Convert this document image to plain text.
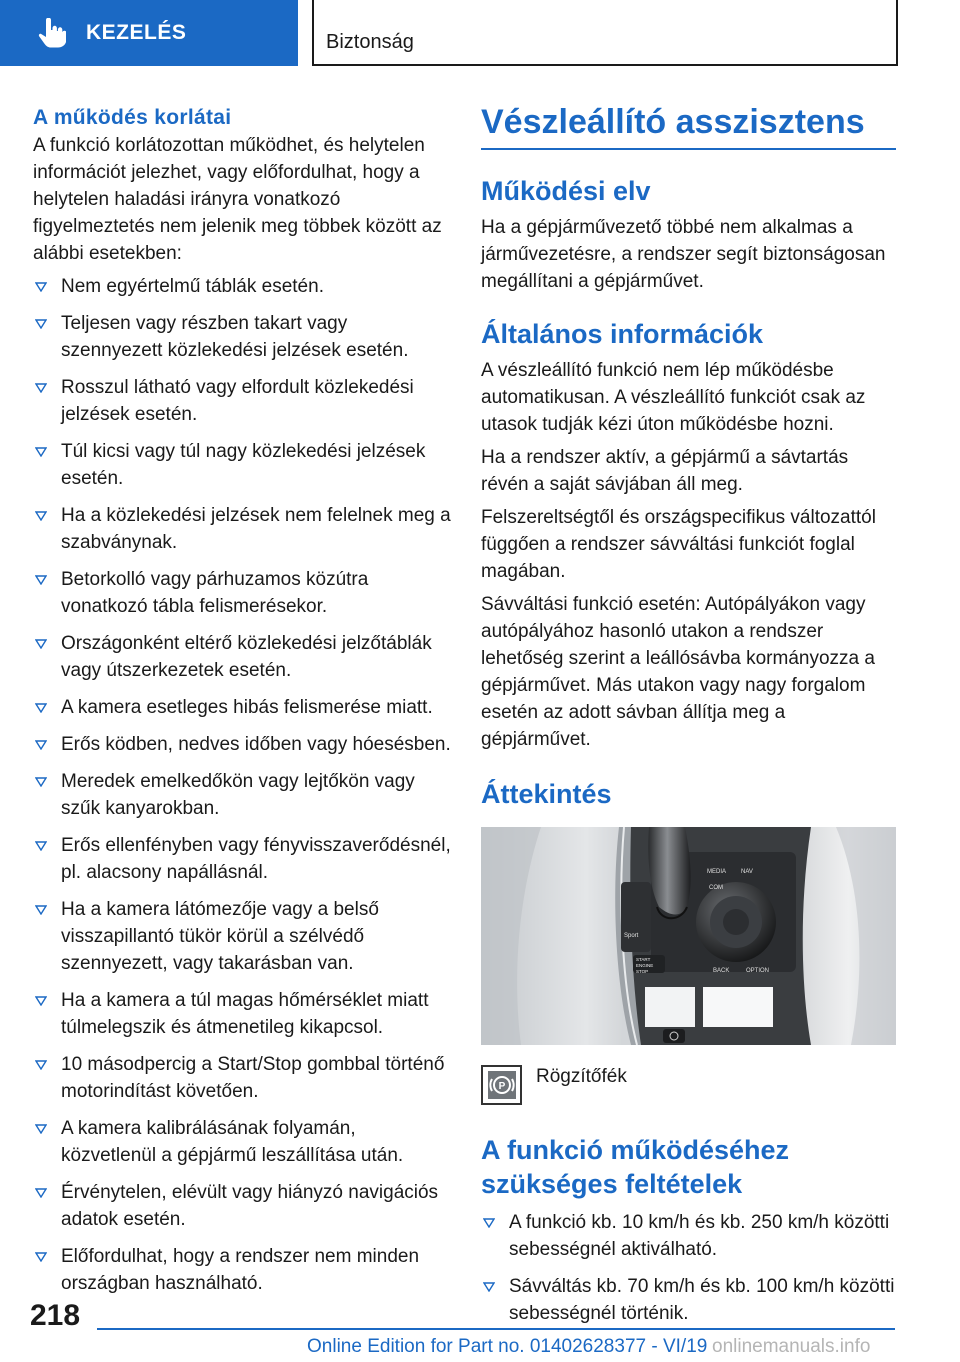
KEZELÉS	Biztonság
A működés korlátai

A funkció korlátozottan működhet, és helytelen információt jelezhet, vagy előfordulhat, hogy a helytelen haladási irányra vonatkozó figyelmeztetés nem jelenik meg többek között az alábbi esetekben:

Nem egyértelmű táblák esetén.
Teljesen vagy részben takart vagy szennyezett közlekedési jelzések esetén.
Rosszul látható vagy elfordult közlekedési jelzések esetén.
Túl kicsi vagy túl nagy közlekedési jelzések esetén.
Ha a közlekedési jelzések nem felelnek meg a szabványnak.
Betorkolló vagy párhuzamos közútra vonatkozó tábla felismerésekor.
Országonként eltérő közlekedési jelzőtáblák vagy útszerkezetek esetén.
A kamera esetleges hibás felismerése miatt.
Erős ködben, nedves időben vagy hóesésben.
Meredek emelkedőkön vagy lejtőkön vagy szűk kanyarokban.
Erős ellenfényben vagy fényvisszaverődésnél, pl. alacsony napállásnál.
Ha a kamera látómezője vagy a belső visszapillantó tükör körül a szélvédő szennyezett, vagy takarásban van.
Ha a kamera a túl magas hőmérséklet miatt túlmelegszik és átmenetileg kikapcsol.
10 másodpercig a Start/Stop gombbal történő motorindítást követően.
A kamera kalibrálásának folyamán, közvetlenül a gépjármű leszállítása után.
Érvénytelen, elévült vagy hiányzó navigációs adatok esetén.
Előfordulhat, hogy a rendszer nem minden országban használható.
Vészleállító asszisztens
Működési elv

Ha a gépjárművezető többé nem alkalmas a járművezetésre, a rendszer segít biztonságosan megállítani a gépjárművet.

Általános információk

A vészleállító funkció nem lép működésbe automatikusan. A vészleállító funkciót csak az utasok tudják kézi úton működésbe hozni.

Ha a rendszer aktív, a gépjármű a sávtartás révén a saját sávjában áll meg.

Felszereltségtől és országspecifikus változattól függően a rendszer sávváltási funkciót foglal magában.

Sávváltási funkció esetén: Autópályákon vagy autópályához hasonló utakon a rendszer lehetőség szerint a leállósávba kormányozza a gépjárművet. Más utakon vagy nagy forgalom esetén az adott sávban állítja meg a gépjárművet.

Áttekintés
MEDIA NAV
COM
BACK	OPTION
Sport
START
ENGINE
STOP
P Rögzítőfék
A funkció működéséhez szükséges feltételek
A funkció kb. 10 km/h és kb. 250 km/h közötti sebességnél aktiválható.
Sávváltás kb. 70 km/h és kb. 100 km/h közötti sebességnél történik.
218
Online Edition for Part no. 01402628377 - VI/19 onlinemanuals.info
